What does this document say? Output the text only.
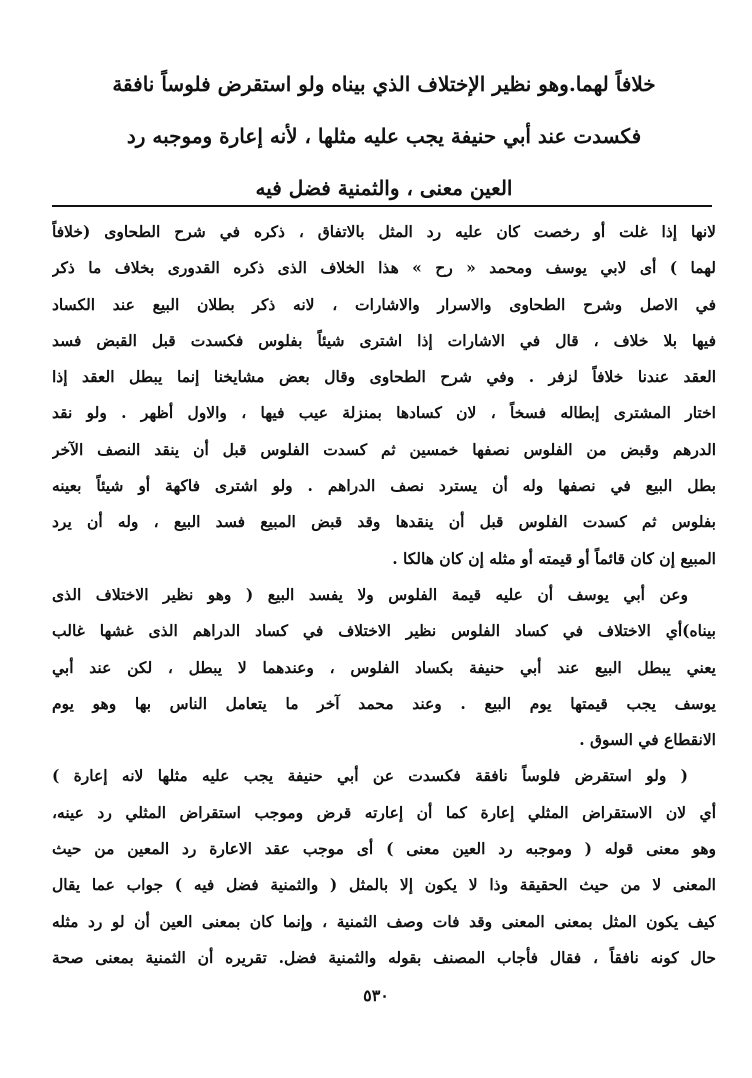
خلافاً لهما.وهو نظير الإختلاف الذي بيناه ولو استقرض فلوساً نافقة
فكسدت عند أبي حنيفة يجب عليه مثلها ، لأنه إعارة وموجبه رد
العين معنى ، والثمنية فضل فيه
لانها إذا غلت أو رخصت كان عليه رد المثل بالاتفاق ، ذكره في شرح الطحاوى (خلافاً
لهما ) أى لابي يوسف ومحمد « رح » هذا الخلاف الذى ذكره القدورى بخلاف ما ذكر
في الاصل وشرح الطحاوى والاسرار والاشارات ، لانه ذكر بطلان البيع عند الكساد
فيها بلا خلاف ، قال في الاشارات إذا اشترى شيئاً بفلوس فكسدت قبل القبض فسد
العقد عندنا خلافاً لزفر . وفي شرح الطحاوى وقال بعض مشايخنا إنما يبطل العقد إذا
اختار المشترى إبطاله فسخاً ، لان كسادها بمنزلة عيب فيها ، والاول أظهر . ولو نقد
الدرهم وقبض من الفلوس نصفها خمسين ثم كسدت الفلوس قبل أن ينقد النصف الآخر
بطل البيع في نصفها وله أن يسترد نصف الدراهم . ولو اشترى فاكهة أو شيئاً بعينه
بفلوس ثم كسدت الفلوس قبل أن ينقدها وقد قبض المبيع فسد البيع ، وله أن يرد
المبيع إن كان قائماً أو قيمته أو مثله إن كان هالكا .
وعن أبي يوسف أن عليه قيمة الفلوس ولا يفسد البيع ( وهو نظير الاختلاف الذى
بيناه)أي الاختلاف في كساد الفلوس نظير الاختلاف في كساد الدراهم الذى غشها غالب
يعني يبطل البيع عند أبي حنيفة بكساد الفلوس ، وعندهما لا يبطل ، لكن عند أبي
يوسف يجب قيمتها يوم البيع . وعند محمد آخر ما يتعامل الناس بها وهو يوم
الانقطاع في السوق .
( ولو استقرض فلوساً نافقة فكسدت عن أبي حنيفة يجب عليه مثلها لانه إعارة )
أي لان الاستقراض المثلي إعارة كما أن إعارته قرض وموجب استقراض المثلي رد عينه،
وهو معنى قوله ( وموجبه رد العين معنى ) أى موجب عقد الاعارة رد المعين من حيث
المعنى لا من حيث الحقيقة وذا لا يكون إلا بالمثل ( والثمنية فضل فيه ) جواب عما يقال
كيف يكون المثل بمعنى المعنى وقد فات وصف الثمنية ، وإنما كان بمعنى العين أن لو رد مثله
حال كونه نافقاً ، فقال فأجاب المصنف بقوله والثمنية فضل. تقريره أن الثمنية بمعنى صحة
٥٣٠
